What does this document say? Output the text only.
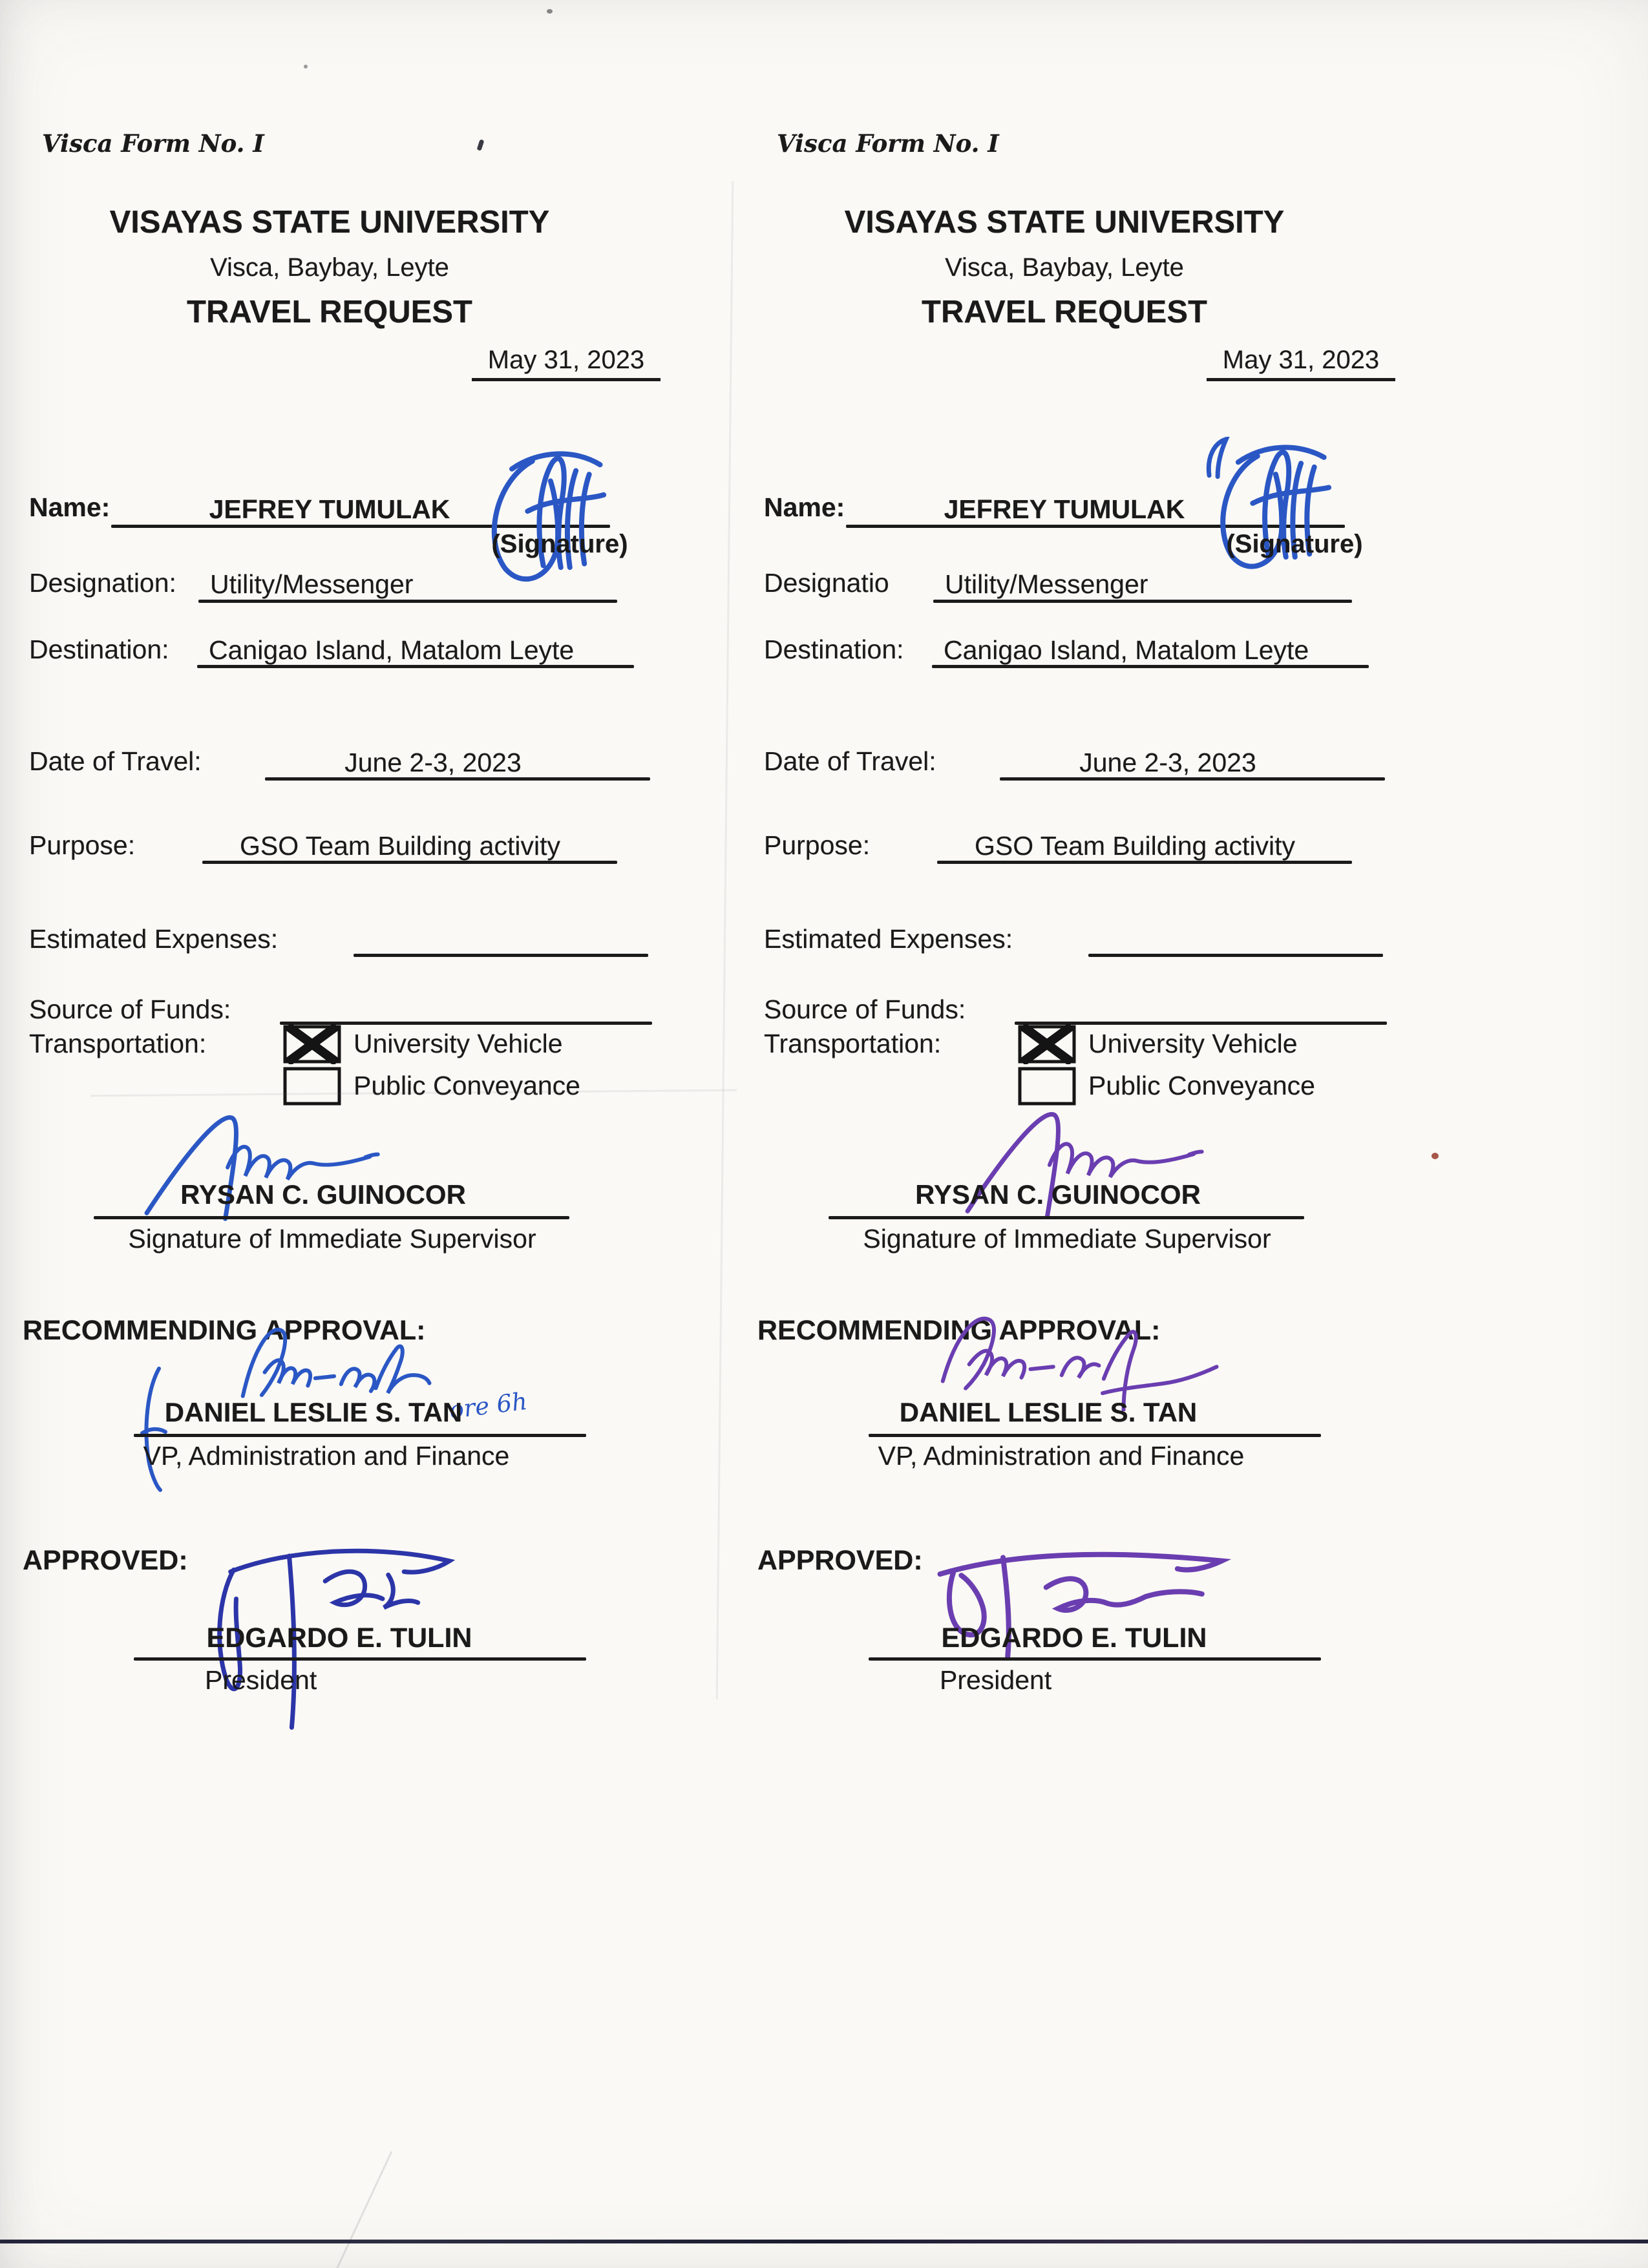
Visca Form No. I
VISAYAS STATE UNIVERSITY
Visca, Baybay, Leyte
TRAVEL REQUEST
May 31, 2023
Name:	JEFREY TUMULAK
(Signature)
Designation: Utility/Messenger
Destination: Canigao Island, Matalom Leyte
Date of Travel:	June 2-3, 2023
Purpose:	GSO Team Building activity
Estimated Expenses:
Source of Funds:
Transportation:	University Vehicle
Public Conveyance
RYSAN C. GUINOCOR
Signature of Immediate Supervisor
RECOMMENDING APPROVAL:
ore 6h
DANIEL LESLIE S. TAN
VP, Administration and Finance
APPROVED:
EDGARDO E. TULIN
President
Visca Form No. I
VISAYAS STATE UNIVERSITY
Visca, Baybay, Leyte
TRAVEL REQUEST
May 31, 2023
Name:	JEFREY TUMULAK
(Signature)
Designatio Utility/Messenger
Destination: Canigao Island, Matalom Leyte
Date of Travel:	June 2-3, 2023
Purpose:	GSO Team Building activity
Estimated Expenses:
Source of Funds:
Transportation:	University Vehicle
Public Conveyance
RYSAN C. GUINOCOR
Signature of Immediate Supervisor
RECOMMENDING APPROVAL:
DANIEL LESLIE S. TAN
VP, Administration and Finance
APPROVED:
EDGARDO E. TULIN
President
